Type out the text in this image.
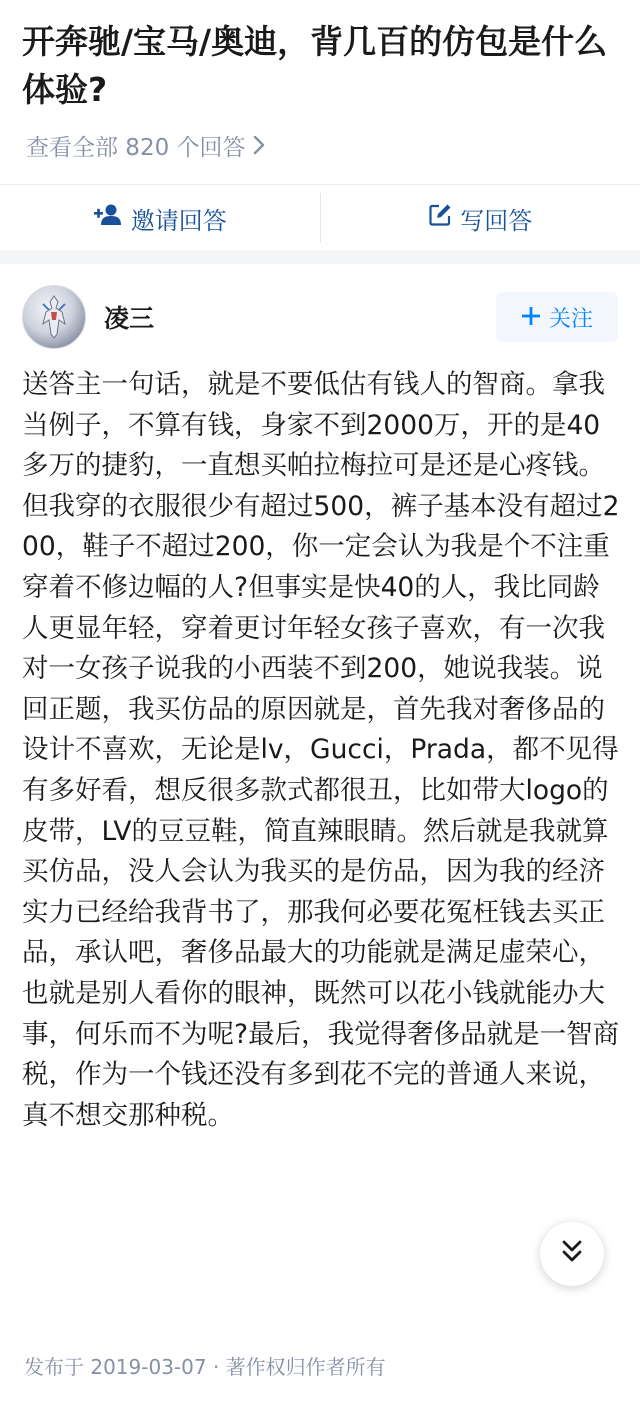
开奔驰/宝马/奥迪，背几百的仿包是什么体验?
查看全部 820 个回答
邀请回答	写回答
凌三	关注

送答主一句话，就是不要低估有钱人的智商。拿我当例子，不算有钱，身家不到2000万，开的是40多万的捷豹，一直想买帕拉梅拉可是还是心疼钱。但我穿的衣服很少有超过500，裤子基本没有超过200，鞋子不超过200，你一定会认为我是个不注重穿着不修边幅的人?但事实是快40的人，我比同龄人更显年轻，穿着更讨年轻女孩子喜欢，有一次我对一女孩子说我的小西装不到200，她说我装。说回正题，我买仿品的原因就是，首先我对奢侈品的设计不喜欢，无论是lv，Gucci，Prada，都不见得有多好看，想反很多款式都很丑，比如带大logo的皮带，LV的豆豆鞋，简直辣眼睛。然后就是我就算买仿品，没人会认为我买的是仿品，因为我的经济实力已经给我背书了，那我何必要花冤枉钱去买正品，承认吧，奢侈品最大的功能就是满足虚荣心，也就是别人看你的眼神，既然可以花小钱就能办大事，何乐而不为呢?最后，我觉得奢侈品就是一智商税，作为一个钱还没有多到花不完的普通人来说，真不想交那种税。

发布于 2019-03-07 · 著作权归作者所有
